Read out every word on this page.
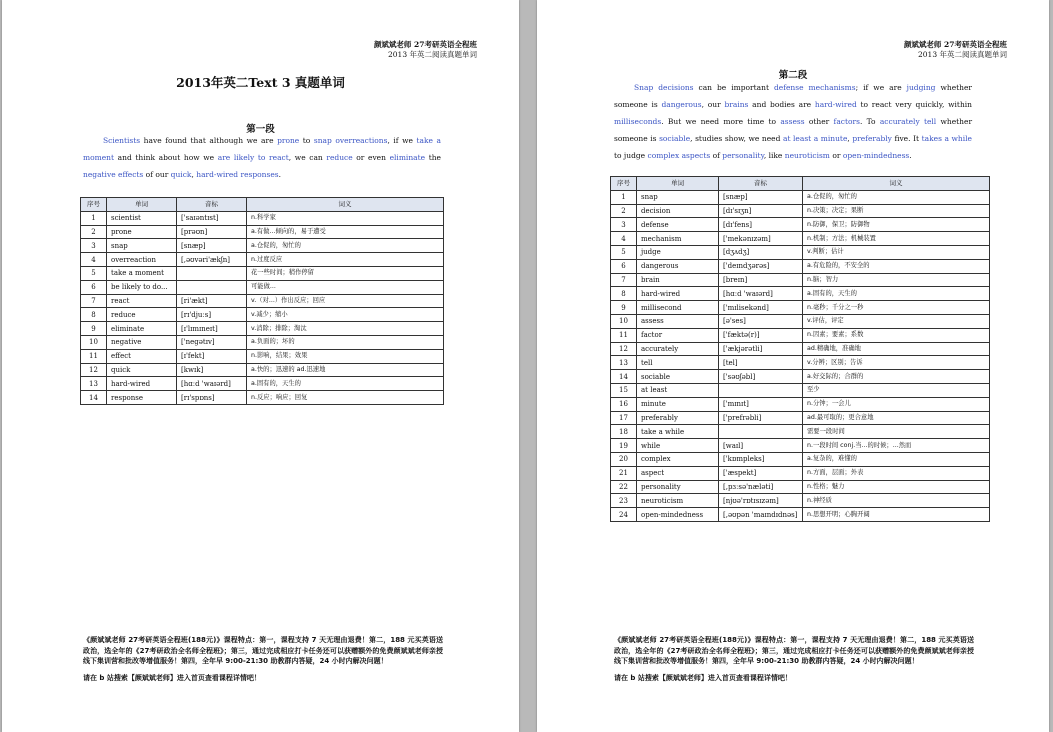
颜斌斌老师 27考研英语全程班
2013 年英二阅读真题单词
2013年英二Text 3 真题单词
第一段
Scientists have found that although we are prone to snap overreactions, if we take a moment and think about how we are likely to react, we can reduce or even eliminate the negative effects of our quick, hard-wired responses.
序号	单词	音标	词义
1	scientist	['saɪəntɪst]	n.科学家
2	prone	[prəʊn]	a.有做...倾向的，易于遭受
3	snap	[snæp]	a.仓促的，匆忙的
4	overreaction	[,əʊvəri'ækʃn]	n.过度反应
5	take a moment		花一些时间；稍作停留
6	be likely to do...		可能做...
7	react	[ri'ækt]	v.（对...）作出反应；回应
8	reduce	[rɪ'djuːs]	v.减少；缩小
9	eliminate	[ɪ'lɪmɪneɪt]	v.消除；排除；淘汰
10	negative	['negətɪv]	a.负面的；坏的
11	effect	[ɪ'fekt]	n.影响，结果；效果
12	quick	[kwɪk]	a.快的；迅速的 ad.迅速地
13	hard-wired	[hɑːd 'waɪərd]	a.固有的，天生的
14	response	[rɪ'spɒns]	n.反应；响应；回复
《颜斌斌老师 27考研英语全程班(188元)》课程特点：第一，课程支持 7 天无理由退费！第二，188 元买英语送政治，选全年的《27考研政治全名师全程班》；第三，通过完成相应打卡任务还可以获赠额外的免费颜斌斌老师亲授线下集训营和批改等增值服务！第四，全年早 9:00-21:30 助教群内答疑，24 小时内解决问题！
请在 b 站搜索【颜斌斌老师】进入首页查看课程详情吧！
颜斌斌老师 27考研英语全程班
2013 年英二阅读真题单词
第二段
Snap decisions can be important defense mechanisms; if we are judging whether someone is dangerous, our brains and bodies are hard-wired to react very quickly, within milliseconds. But we need more time to assess other factors. To accurately tell whether someone is sociable, studies show, we need at least a minute, preferably five. It takes a while to judge complex aspects of personality, like neuroticism or open-mindedness.
序号	单词	音标	词义
1	snap	[snæp]	a.仓促的，匆忙的
2	decision	[dɪ'sɪʒn]	n.决策；决定；果断
3	defense	[dɪ'fens]	n.防御，保卫；防御物
4	mechanism	['mekənɪzəm]	n.机制；方法；机械装置
5	judge	[dʒʌdʒ]	v.判断；估计
6	dangerous	['deɪndʒərəs]	a.有危险的，不安全的
7	brain	[breɪn]	n.脑；智力
8	hard-wired	[hɑːd 'waɪərd]	a.固有的，天生的
9	millisecond	['mɪlisekənd]	n.毫秒；千分之一秒
10	assess	[ə'ses]	v.评估，评定
11	factor	['fæktə(r)]	n.因素；要素；系数
12	accurately	['ækjərətli]	ad.精确地，准确地
13	tell	[tel]	v.分辨；区别；告诉
14	sociable	['səʊʃəbl]	a.好交际的；合群的
15	at least		至少
16	minute	['mɪnɪt]	n.分钟；一会儿
17	preferably	['prefrəbli]	ad.最可取的；更合意地
18	take a while		需要一段时间
19	while	[waɪl]	n.一段时间 conj.当...的时候；...然而
20	complex	['kɒmpleks]	a.复杂的，难懂的
21	aspect	['æspekt]	n.方面，层面；外表
22	personality	[,pɜːsə'næləti]	n.性格；魅力
23	neuroticism	[njʊə'rɒtɪsɪzəm]	n.神经质
24	open-mindedness	[,əʊpən 'maɪndɪdnəs]	n.思想开明；心胸开阔
《颜斌斌老师 27考研英语全程班(188元)》课程特点：第一，课程支持 7 天无理由退费！第二，188 元买英语送政治，选全年的《27考研政治全名师全程班》；第三，通过完成相应打卡任务还可以获赠额外的免费颜斌斌老师亲授线下集训营和批改等增值服务！第四，全年早 9:00-21:30 助教群内答疑，24 小时内解决问题！
请在 b 站搜索【颜斌斌老师】进入首页查看课程详情吧！
